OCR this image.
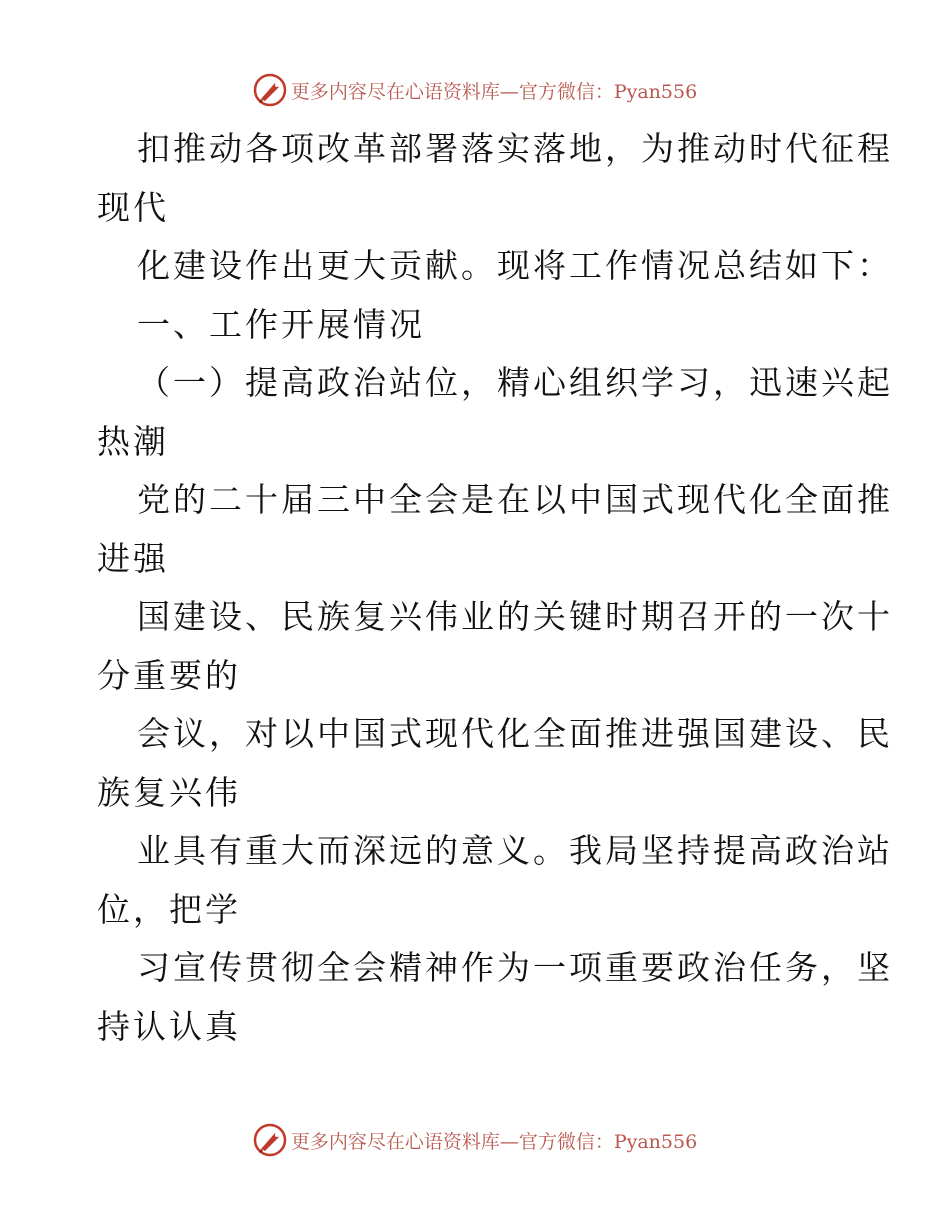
更多内容尽在心语资料库—官方微信：Pyan556
扣推动各项改革部署落实落地，为推动时代征程
现代
化建设作出更大贡献。现将工作情况总结如下：
一、工作开展情况
（一）提高政治站位，精心组织学习，迅速兴起
热潮
党的二十届三中全会是在以中国式现代化全面推
进强
国建设、民族复兴伟业的关键时期召开的一次十
分重要的
会议，对以中国式现代化全面推进强国建设、民
族复兴伟
业具有重大而深远的意义。我局坚持提高政治站
位，把学
习宣传贯彻全会精神作为一项重要政治任务，坚
持认认真
更多内容尽在心语资料库—官方微信：Pyan556
